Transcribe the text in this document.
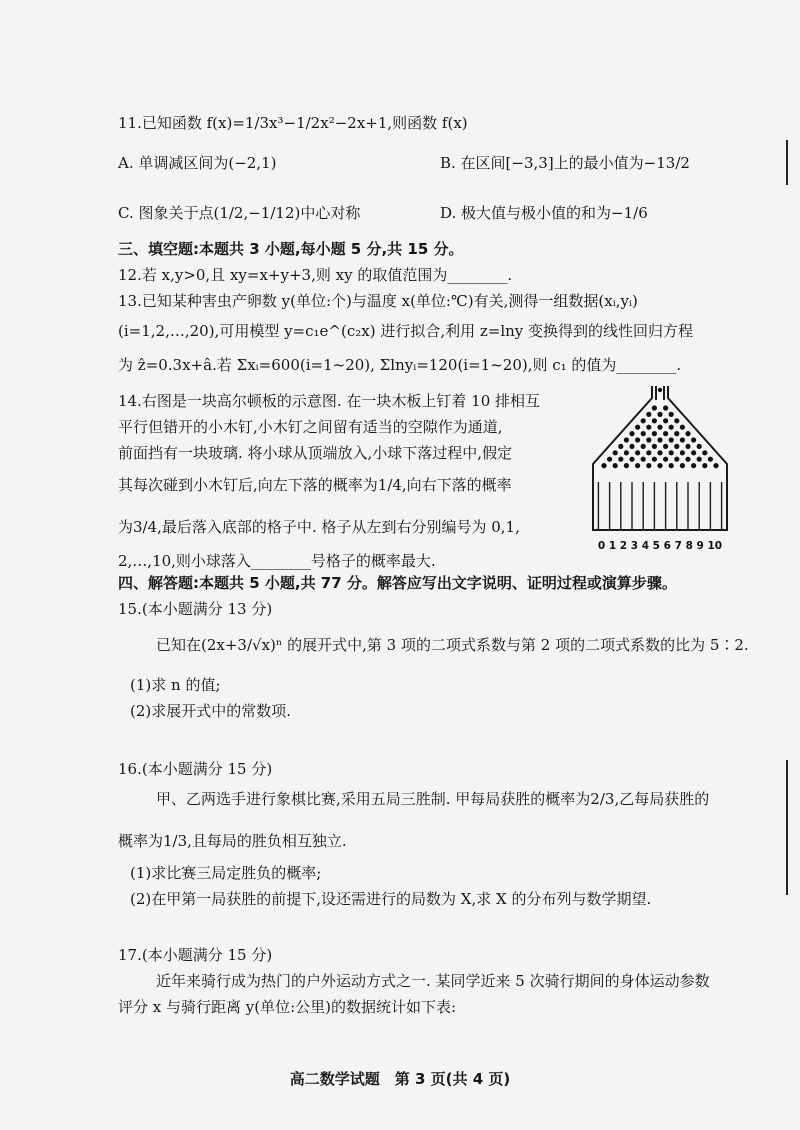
11.已知函数 f(x)=1/3x³−1/2x²−2x+1,则函数 f(x)
A. 单调减区间为(−2,1)	B. 在区间[−3,3]上的最小值为−13/2
C. 图象关于点(1/2,−1/12)中心对称	D. 极大值与极小值的和为−1/6
三、填空题:本题共 3 小题,每小题 5 分,共 15 分。
12.若 x,y>0,且 xy=x+y+3,则 xy 的取值范围为________.
13.已知某种害虫产卵数 y(单位:个)与温度 x(单位:℃)有关,测得一组数据(xᵢ,yᵢ)
(i=1,2,…,20),可用模型 y=c₁e^(c₂x) 进行拟合,利用 z=lny 变换得到的线性回归方程
为 ẑ=0.3x+â.若 Σxᵢ=600(i=1~20), Σlnyᵢ=120(i=1~20),则 c₁ 的值为________.
14.右图是一块高尔顿板的示意图. 在一块木板上钉着 10 排相互
平行但错开的小木钉,小木钉之间留有适当的空隙作为通道,
前面挡有一块玻璃. 将小球从顶端放入,小球下落过程中,假定
其每次碰到小木钉后,向左下落的概率为1/4,向右下落的概率
为3/4,最后落入底部的格子中. 格子从左到右分别编号为 0,1,
2,…,10,则小球落入________号格子的概率最大.
0 1 2 3 4 5 6 7 8 9 10
四、解答题:本题共 5 小题,共 77 分。解答应写出文字说明、证明过程或演算步骤。
15.(本小题满分 13 分)
已知在(2x+3/√x)ⁿ 的展开式中,第 3 项的二项式系数与第 2 项的二项式系数的比为 5∶2.
(1)求 n 的值;
(2)求展开式中的常数项.
16.(本小题满分 15 分)
甲、乙两选手进行象棋比赛,采用五局三胜制. 甲每局获胜的概率为2/3,乙每局获胜的
概率为1/3,且每局的胜负相互独立.
(1)求比赛三局定胜负的概率;
(2)在甲第一局获胜的前提下,设还需进行的局数为 X,求 X 的分布列与数学期望.
17.(本小题满分 15 分)
近年来骑行成为热门的户外运动方式之一. 某同学近来 5 次骑行期间的身体运动参数
评分 x 与骑行距离 y(单位:公里)的数据统计如下表:
高二数学试题　第 3 页(共 4 页)
